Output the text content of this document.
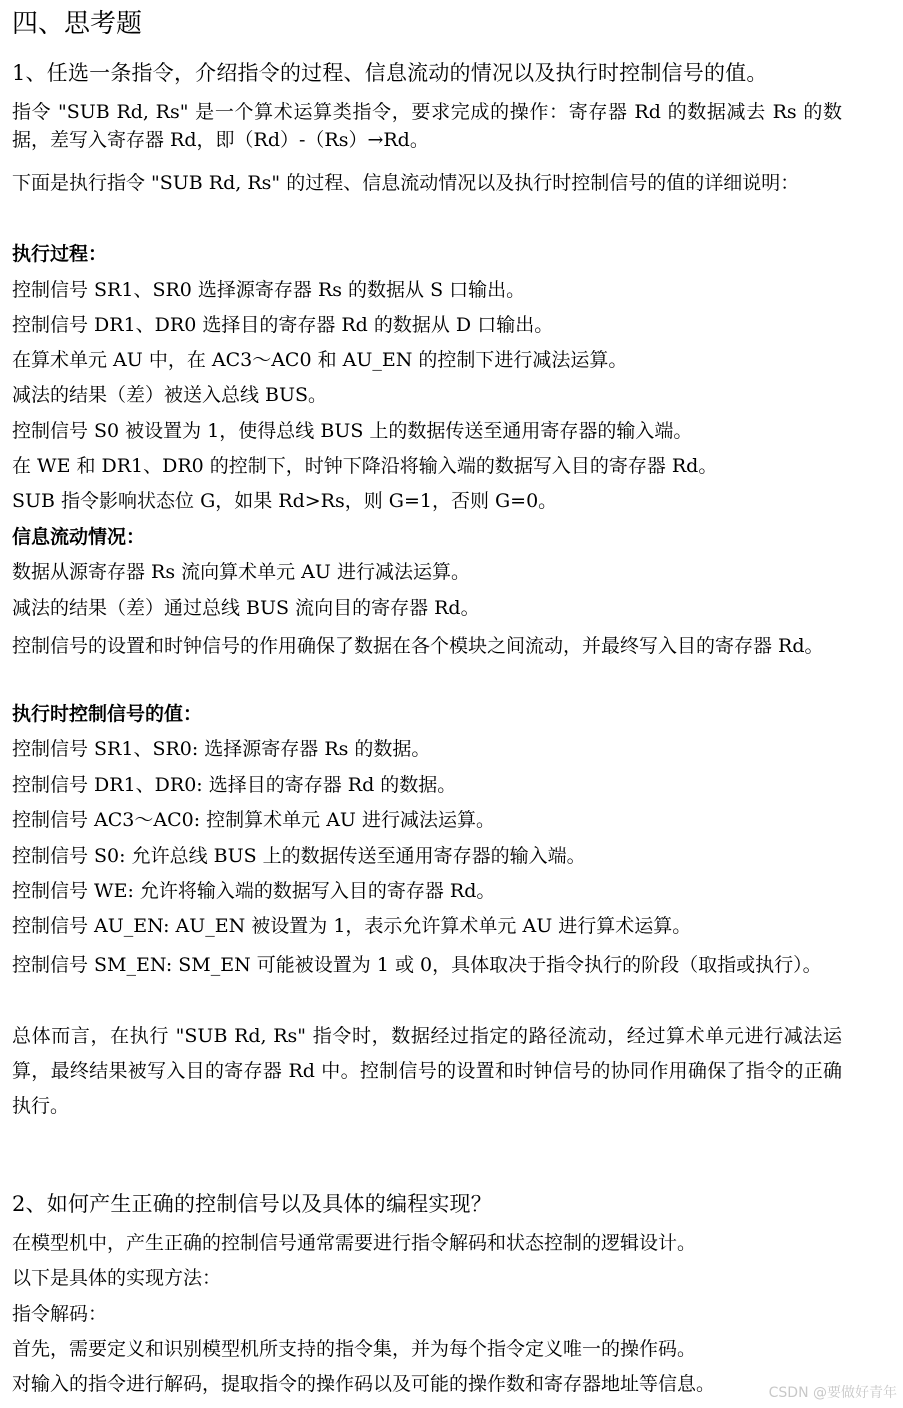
四、思考题

1、任选一条指令，介绍指令的过程、信息流动的情况以及执行时控制信号的值。

指令 "SUB Rd, Rs" 是一个算术运算类指令，要求完成的操作：寄存器 Rd 的数据减去 Rs 的数据，差写入寄存器 Rd，即（Rd）-（Rs）→Rd。

下面是执行指令 "SUB Rd, Rs" 的过程、信息流动情况以及执行时控制信号的值的详细说明：

执行过程：

控制信号 SR1、SR0 选择源寄存器 Rs 的数据从 S 口输出。

控制信号 DR1、DR0 选择目的寄存器 Rd 的数据从 D 口输出。

在算术单元 AU 中，在 AC3～AC0 和 AU_EN 的控制下进行减法运算。

减法的结果（差）被送入总线 BUS。

控制信号 S0 被设置为 1，使得总线 BUS 上的数据传送至通用寄存器的输入端。

在 WE 和 DR1、DR0 的控制下，时钟下降沿将输入端的数据写入目的寄存器 Rd。

SUB 指令影响状态位 G，如果 Rd>Rs，则 G=1，否则 G=0。

信息流动情况：

数据从源寄存器 Rs 流向算术单元 AU 进行减法运算。

减法的结果（差）通过总线 BUS 流向目的寄存器 Rd。

控制信号的设置和时钟信号的作用确保了数据在各个模块之间流动，并最终写入目的寄存器 Rd。

执行时控制信号的值：

控制信号 SR1、SR0: 选择源寄存器 Rs 的数据。

控制信号 DR1、DR0: 选择目的寄存器 Rd 的数据。

控制信号 AC3～AC0: 控制算术单元 AU 进行减法运算。

控制信号 S0: 允许总线 BUS 上的数据传送至通用寄存器的输入端。

控制信号 WE: 允许将输入端的数据写入目的寄存器 Rd。

控制信号 AU_EN: AU_EN 被设置为 1，表示允许算术单元 AU 进行算术运算。

控制信号 SM_EN: SM_EN 可能被设置为 1 或 0，具体取决于指令执行的阶段（取指或执行）。

总体而言，在执行 "SUB Rd, Rs" 指令时，数据经过指定的路径流动，经过算术单元进行减法运算，最终结果被写入目的寄存器 Rd 中。控制信号的设置和时钟信号的协同作用确保了指令的正确执行。

2、如何产生正确的控制信号以及具体的编程实现？

在模型机中，产生正确的控制信号通常需要进行指令解码和状态控制的逻辑设计。

以下是具体的实现方法：

指令解码：

首先，需要定义和识别模型机所支持的指令集，并为每个指令定义唯一的操作码。

对输入的指令进行解码，提取指令的操作码以及可能的操作数和寄存器地址等信息。	CSDN @要做好青年
